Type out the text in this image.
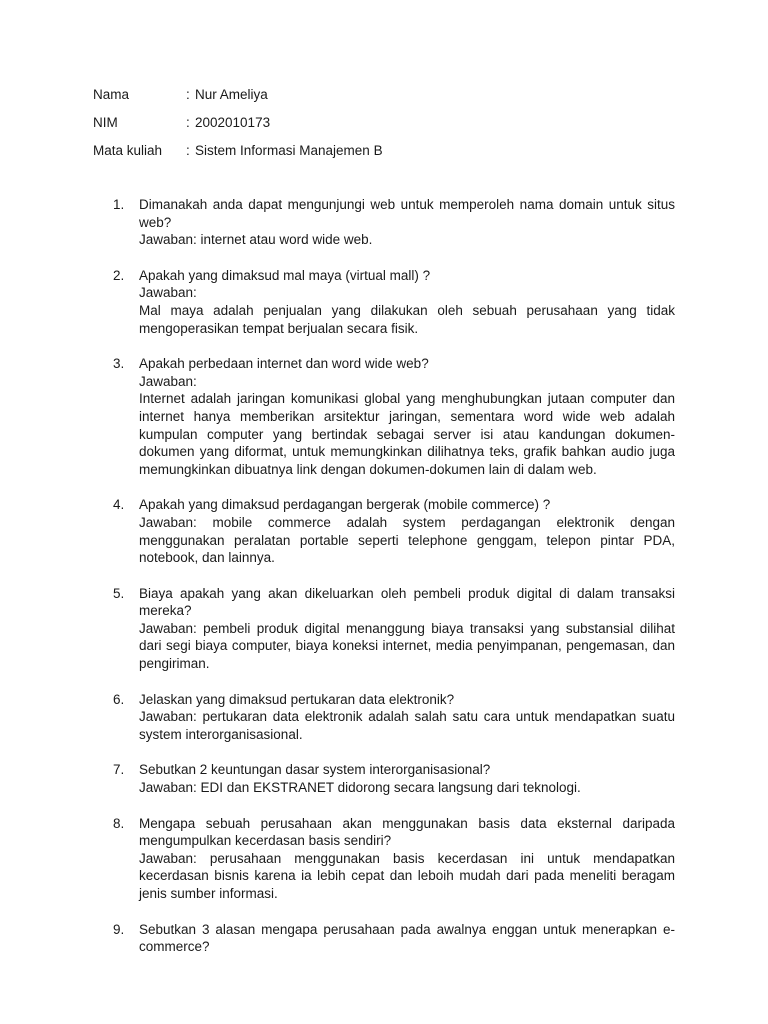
Nama	: Nur Ameliya
NIM	: 2002010173
Mata kuliah : Sistem Informasi Manajemen B
1.	Dimanakah anda dapat mengunjungi web untuk memperoleh nama domain untuk situs web?
Jawaban: internet atau word wide web.
2.	Apakah yang dimaksud mal maya (virtual mall) ?
Jawaban:
Mal maya adalah penjualan yang dilakukan oleh sebuah perusahaan yang tidak mengoperasikan tempat berjualan secara fisik.
3.	Apakah perbedaan internet dan word wide web?
Jawaban:
Internet adalah jaringan komunikasi global yang menghubungkan jutaan computer dan internet hanya memberikan arsitektur jaringan, sementara word wide web adalah kumpulan computer yang bertindak sebagai server isi atau kandungan dokumen-dokumen yang diformat, untuk memungkinkan dilihatnya teks, grafik bahkan audio juga memungkinkan dibuatnya link dengan dokumen-dokumen lain di dalam web.
4.	Apakah yang dimaksud perdagangan bergerak (mobile commerce) ?
Jawaban: mobile commerce adalah system perdagangan elektronik dengan menggunakan peralatan portable seperti telephone genggam, telepon pintar PDA, notebook, dan lainnya.
5.	Biaya apakah yang akan dikeluarkan oleh pembeli produk digital di dalam transaksi mereka?
Jawaban: pembeli produk digital menanggung biaya transaksi yang substansial dilihat dari segi biaya computer, biaya koneksi internet, media penyimpanan, pengemasan, dan pengiriman.
6.	Jelaskan yang dimaksud pertukaran data elektronik?
Jawaban: pertukaran data elektronik adalah salah satu cara untuk mendapatkan suatu system interorganisasional.
7.	Sebutkan 2 keuntungan dasar system interorganisasional?
Jawaban: EDI dan EKSTRANET didorong secara langsung dari teknologi.
8.	Mengapa sebuah perusahaan akan menggunakan basis data eksternal daripada mengumpulkan kecerdasan basis sendiri?
Jawaban: perusahaan menggunakan basis kecerdasan ini untuk mendapatkan kecerdasan bisnis karena ia lebih cepat dan leboih mudah dari pada meneliti beragam jenis sumber informasi.
9.	Sebutkan 3 alasan mengapa perusahaan pada awalnya enggan untuk menerapkan e-commerce?
